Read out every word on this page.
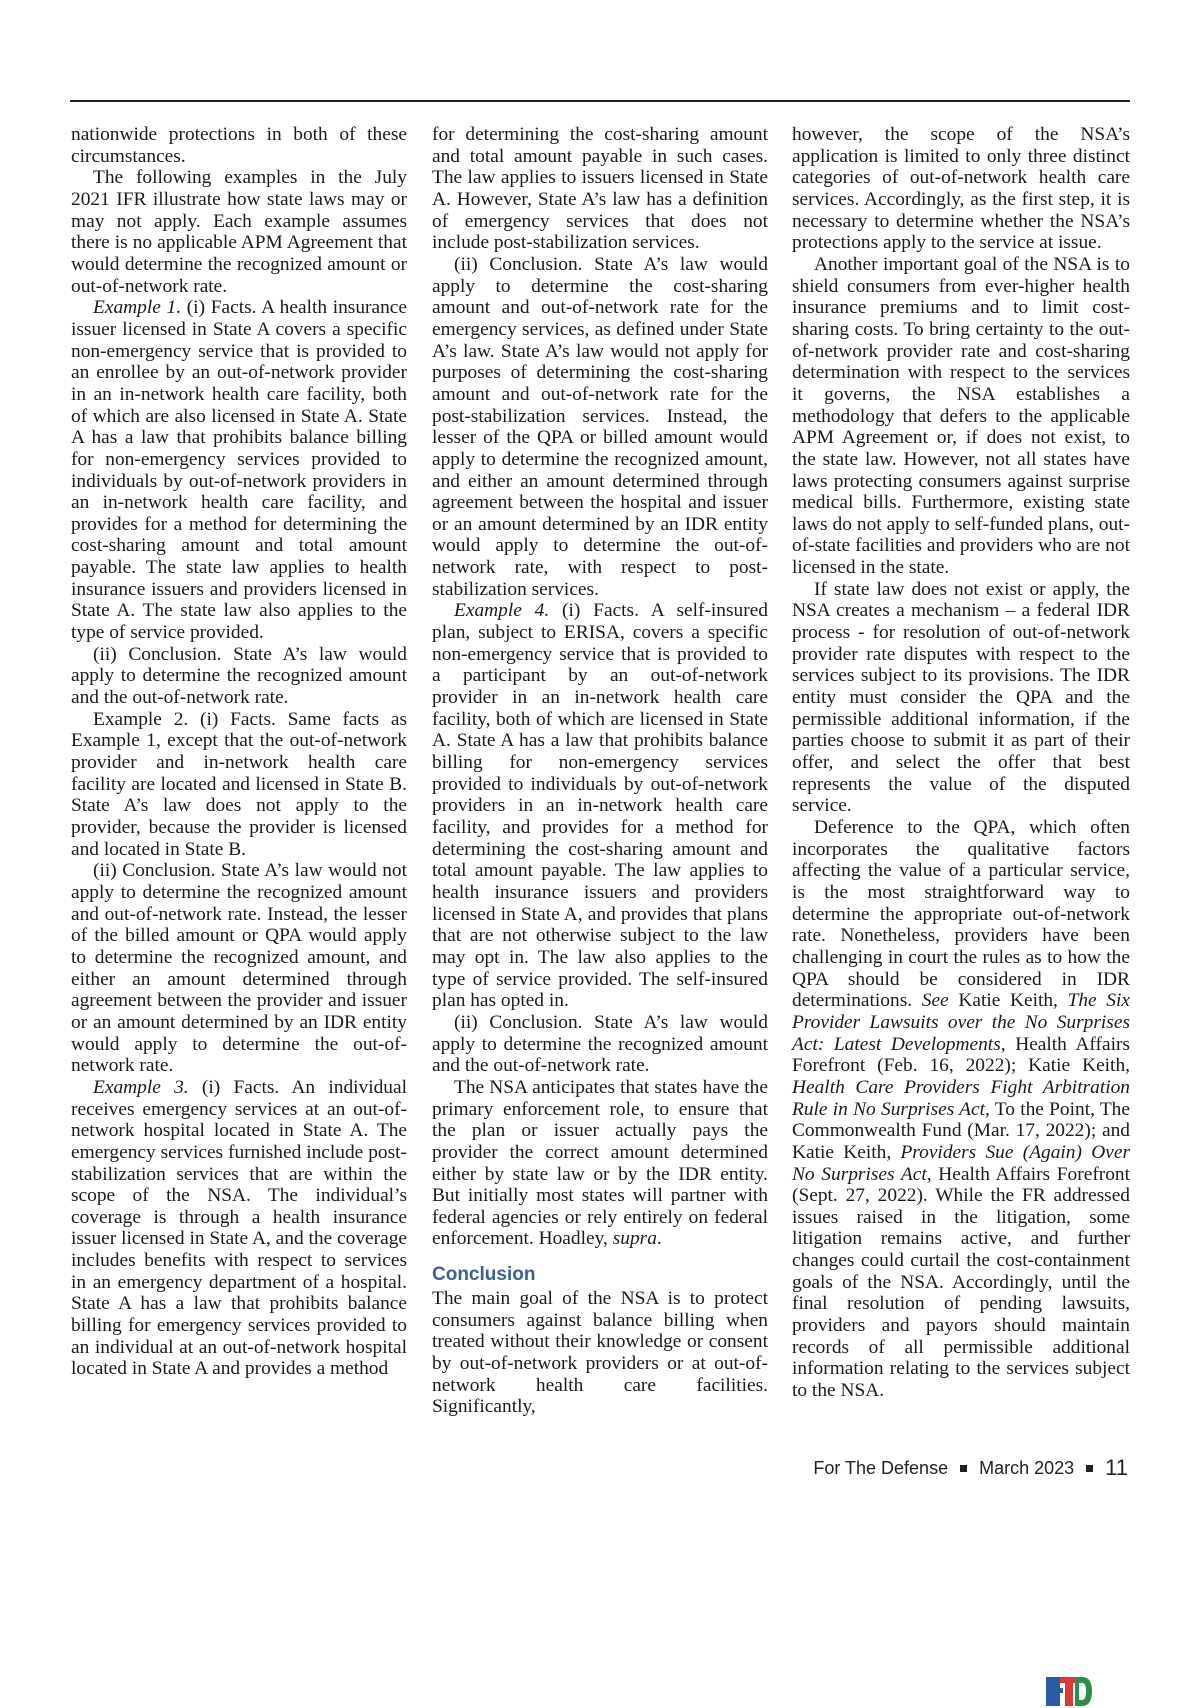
nationwide protections in both of these circumstances.

The following examples in the July 2021 IFR illustrate how state laws may or may not apply. Each example assumes there is no applicable APM Agreement that would determine the recognized amount or out-of-network rate.

Example 1. (i) Facts. A health insurance issuer licensed in State A covers a specific non-emergency service that is provided to an enrollee by an out-of-network provider in an in-network health care facility, both of which are also licensed in State A. State A has a law that prohibits balance billing for non-emergency services provided to individuals by out-of-network providers in an in-network health care facility, and provides for a method for determining the cost-sharing amount and total amount payable. The state law applies to health insurance issuers and providers licensed in State A. The state law also applies to the type of service provided.

(ii) Conclusion. State A’s law would apply to determine the recognized amount and the out-of-network rate.

Example 2. (i) Facts. Same facts as Example 1, except that the out-of-network provider and in-network health care facility are located and licensed in State B. State A’s law does not apply to the provider, because the provider is licensed and located in State B.

(ii) Conclusion. State A’s law would not apply to determine the recognized amount and out-of-network rate. Instead, the lesser of the billed amount or QPA would apply to determine the recognized amount, and either an amount determined through agreement between the provider and issuer or an amount determined by an IDR entity would apply to determine the out-of-network rate.

Example 3. (i) Facts. An individual receives emergency services at an out-of-network hospital located in State A. The emergency services furnished include post-stabilization services that are within the scope of the NSA. The individual’s coverage is through a health insurance issuer licensed in State A, and the coverage includes benefits with respect to services in an emergency department of a hospital. State A has a law that prohibits balance billing for emergency services provided to an individual at an out-of-network hospital located in State A and provides a method

for determining the cost-sharing amount and total amount payable in such cases. The law applies to issuers licensed in State A. However, State A’s law has a definition of emergency services that does not include post-stabilization services.

(ii) Conclusion. State A’s law would apply to determine the cost-sharing amount and out-of-network rate for the emergency services, as defined under State A’s law. State A’s law would not apply for purposes of determining the cost-sharing amount and out-of-network rate for the post-stabilization services. Instead, the lesser of the QPA or billed amount would apply to determine the recognized amount, and either an amount determined through agreement between the hospital and issuer or an amount determined by an IDR entity would apply to determine the out-of-network rate, with respect to post-stabilization services.

Example 4. (i) Facts. A self-insured plan, subject to ERISA, covers a specific non-emergency service that is provided to a participant by an out-of-network provider in an in-network health care facility, both of which are licensed in State A. State A has a law that prohibits balance billing for non-emergency services provided to individuals by out-of-network providers in an in-network health care facility, and provides for a method for determining the cost-sharing amount and total amount payable. The law applies to health insurance issuers and providers licensed in State A, and provides that plans that are not otherwise subject to the law may opt in. The law also applies to the type of service provided. The self-insured plan has opted in.

(ii) Conclusion. State A’s law would apply to determine the recognized amount and the out-of-network rate.

The NSA anticipates that states have the primary enforcement role, to ensure that the plan or issuer actually pays the provider the correct amount determined either by state law or by the IDR entity. But initially most states will partner with federal agencies or rely entirely on federal enforcement. Hoadley, supra.

Conclusion

The main goal of the NSA is to protect consumers against balance billing when treated without their knowledge or consent by out-of-network providers or at out-of-network health care facilities. Significantly,

however, the scope of the NSA’s application is limited to only three distinct categories of out-of-network health care services. Accordingly, as the first step, it is necessary to determine whether the NSA’s protections apply to the service at issue.

Another important goal of the NSA is to shield consumers from ever-higher health insurance premiums and to limit cost-sharing costs. To bring certainty to the out-of-network provider rate and cost-sharing determination with respect to the services it governs, the NSA establishes a methodology that defers to the applicable APM Agreement or, if does not exist, to the state law. However, not all states have laws protecting consumers against surprise medical bills. Furthermore, existing state laws do not apply to self-funded plans, out-of-state facilities and providers who are not licensed in the state.

If state law does not exist or apply, the NSA creates a mechanism – a federal IDR process - for resolution of out-of-network provider rate disputes with respect to the services subject to its provisions. The IDR entity must consider the QPA and the permissible additional information, if the parties choose to submit it as part of their offer, and select the offer that best represents the value of the disputed service.

Deference to the QPA, which often incorporates the qualitative factors affecting the value of a particular service, is the most straightforward way to determine the appropriate out-of-network rate. Nonetheless, providers have been challenging in court the rules as to how the QPA should be considered in IDR determinations. See Katie Keith, The Six Provider Lawsuits over the No Surprises Act: Latest Developments, Health Affairs Forefront (Feb. 16, 2022); Katie Keith, Health Care Providers Fight Arbitration Rule in No Surprises Act, To the Point, The Commonwealth Fund (Mar. 17, 2022); and Katie Keith, Providers Sue (Again) Over No Surprises Act, Health Affairs Forefront (Sept. 27, 2022). While the FR addressed issues raised in the litigation, some litigation remains active, and further changes could curtail the cost-containment goals of the NSA. Accordingly, until the final resolution of pending lawsuits, providers and payors should maintain records of all permissible additional information relating to the services subject to the NSA.

For The Defense March 2023 11
